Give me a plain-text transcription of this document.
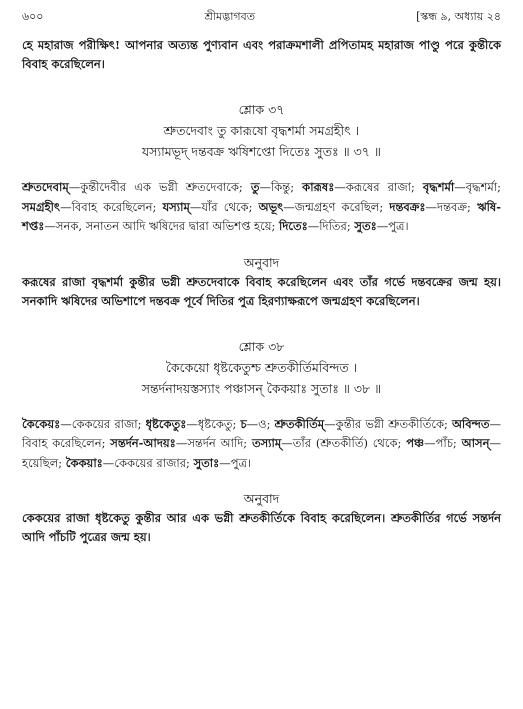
৬০০	শ্রীমদ্ভাগবত	[স্কন্ধ ৯, অধ্যায় ২৪

হে মহারাজ পরীক্ষিৎ! আপনার অত্যন্ত পুণ্যবান এবং পরাক্রমশালী প্রপিতামহ মহারাজ পাণ্ডু পরে কুন্তীকে বিবাহ করেছিলেন।

শ্লোক ৩৭

শ্রুতদেবাং তু কারূষো বৃদ্ধশর্মা সমগ্রহীৎ ।

যস্যামভূদ্ দন্তবক্র ঋষিশপ্তো দিতেঃ সুতঃ ॥ ৩৭ ॥

শ্রুতদেবাম্—কুন্তীদেবীর এক ভগ্নী শ্রুতদেবাকে; তু—কিন্তু; কারূষঃ—করূষের রাজা; বৃদ্ধশর্মা—বৃদ্ধশর্মা; সমগ্রহীৎ—বিবাহ করেছিলেন; যস্যাম্—যাঁর থেকে; অভূৎ—জন্মগ্রহণ করেছিল; দন্তবক্রঃ—দন্তবক্র; ঋষি-শপ্তঃ—সনক, সনাতন আদি ঋষিদের দ্বারা অভিশপ্ত হয়ে; দিতেঃ—দিতির; সুতঃ—পুত্র।

অনুবাদ

করূষের রাজা বৃদ্ধশর্মা কুন্তীর ভগ্নী শ্রুতদেবাকে বিবাহ করেছিলেন এবং তাঁর গর্ভে দন্তবক্রের জন্ম হয়। সনকাদি ঋষিদের অভিশাপে দন্তবক্র পূর্বে দিতির পুত্র হিরণ্যাক্ষরূপে জন্মগ্রহণ করেছিলেন।

শ্লোক ৩৮

কৈকেয়ো ধৃষ্টকেতুশ্চ শ্রুতকীর্তিমবিন্দত ।

সন্তর্দনাদয়স্তস্যাং পঞ্চাসন্ কৈকয়াঃ সুতাঃ ॥ ৩৮ ॥

কৈকেয়ঃ—কেকয়ের রাজা; ধৃষ্টকেতুঃ—ধৃষ্টকেতু; চ—ও; শ্রুতকীর্তিম্—কুন্তীর ভগ্নী শ্রুতকীর্তিকে; অবিন্দত—বিবাহ করেছিলেন; সন্তর্দন-আদয়ঃ—সন্তর্দন আদি; তস্যাম্—তাঁর (শ্রুতকীর্তি) থেকে; পঞ্চ—পাঁচ; আসন্—হয়েছিল; কৈকয়াঃ—কেকয়ের রাজার; সুতাঃ—পুত্র।

অনুবাদ

কেকয়ের রাজা ধৃষ্টকেতু কুন্তীর আর এক ভগ্নী শ্রুতকীর্তিকে বিবাহ করেছিলেন। শ্রুতকীর্তির গর্ভে সন্তর্দন আদি পাঁচটি পুত্রের জন্ম হয়।
